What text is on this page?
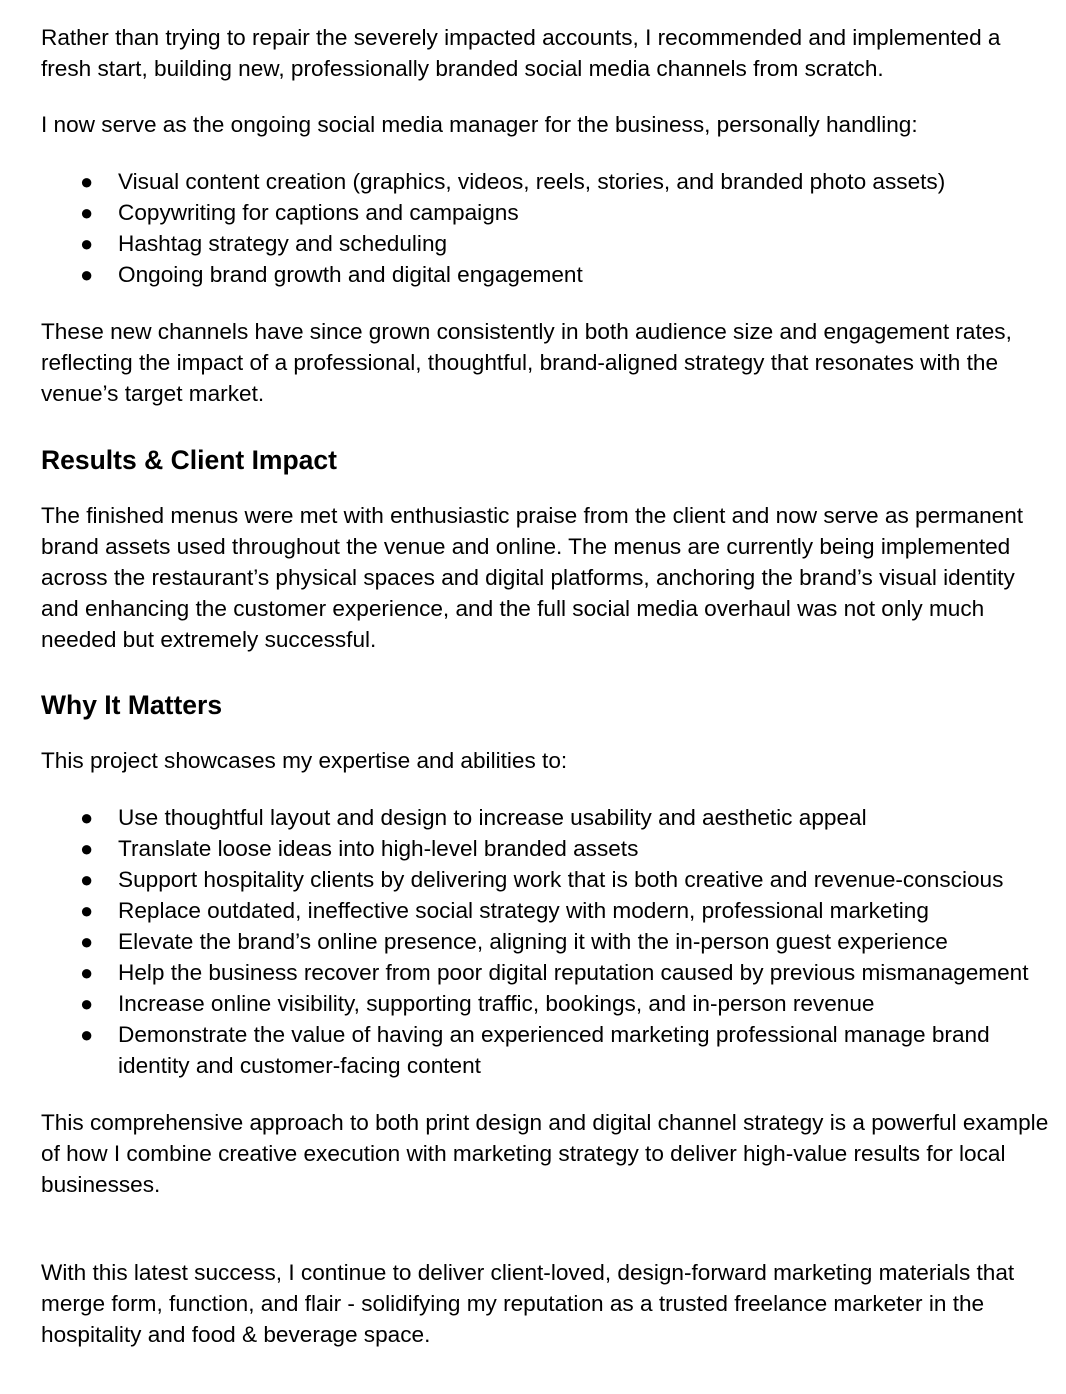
Rather than trying to repair the severely impacted accounts, I recommended and implemented a fresh start, building new, professionally branded social media channels from scratch.

I now serve as the ongoing social media manager for the business, personally handling:

● Visual content creation (graphics, videos, reels, stories, and branded photo assets)
● Copywriting for captions and campaigns
● Hashtag strategy and scheduling
● Ongoing brand growth and digital engagement

These new channels have since grown consistently in both audience size and engagement rates, reflecting the impact of a professional, thoughtful, brand-aligned strategy that resonates with the venue’s target market.

Results & Client Impact

The finished menus were met with enthusiastic praise from the client and now serve as permanent brand assets used throughout the venue and online. The menus are currently being implemented across the restaurant’s physical spaces and digital platforms, anchoring the brand’s visual identity and enhancing the customer experience, and the full social media overhaul was not only much needed but extremely successful.

Why It Matters

This project showcases my expertise and abilities to:

● Use thoughtful layout and design to increase usability and aesthetic appeal
● Translate loose ideas into high-level branded assets
● Support hospitality clients by delivering work that is both creative and revenue-conscious
● Replace outdated, ineffective social strategy with modern, professional marketing
● Elevate the brand’s online presence, aligning it with the in-person guest experience
● Help the business recover from poor digital reputation caused by previous mismanagement
● Increase online visibility, supporting traffic, bookings, and in-person revenue
● Demonstrate the value of having an experienced marketing professional manage brand identity and customer-facing content

This comprehensive approach to both print design and digital channel strategy is a powerful example of how I combine creative execution with marketing strategy to deliver high-value results for local businesses.

With this latest success, I continue to deliver client-loved, design-forward marketing materials that merge form, function, and flair - solidifying my reputation as a trusted freelance marketer in the hospitality and food & beverage space.
